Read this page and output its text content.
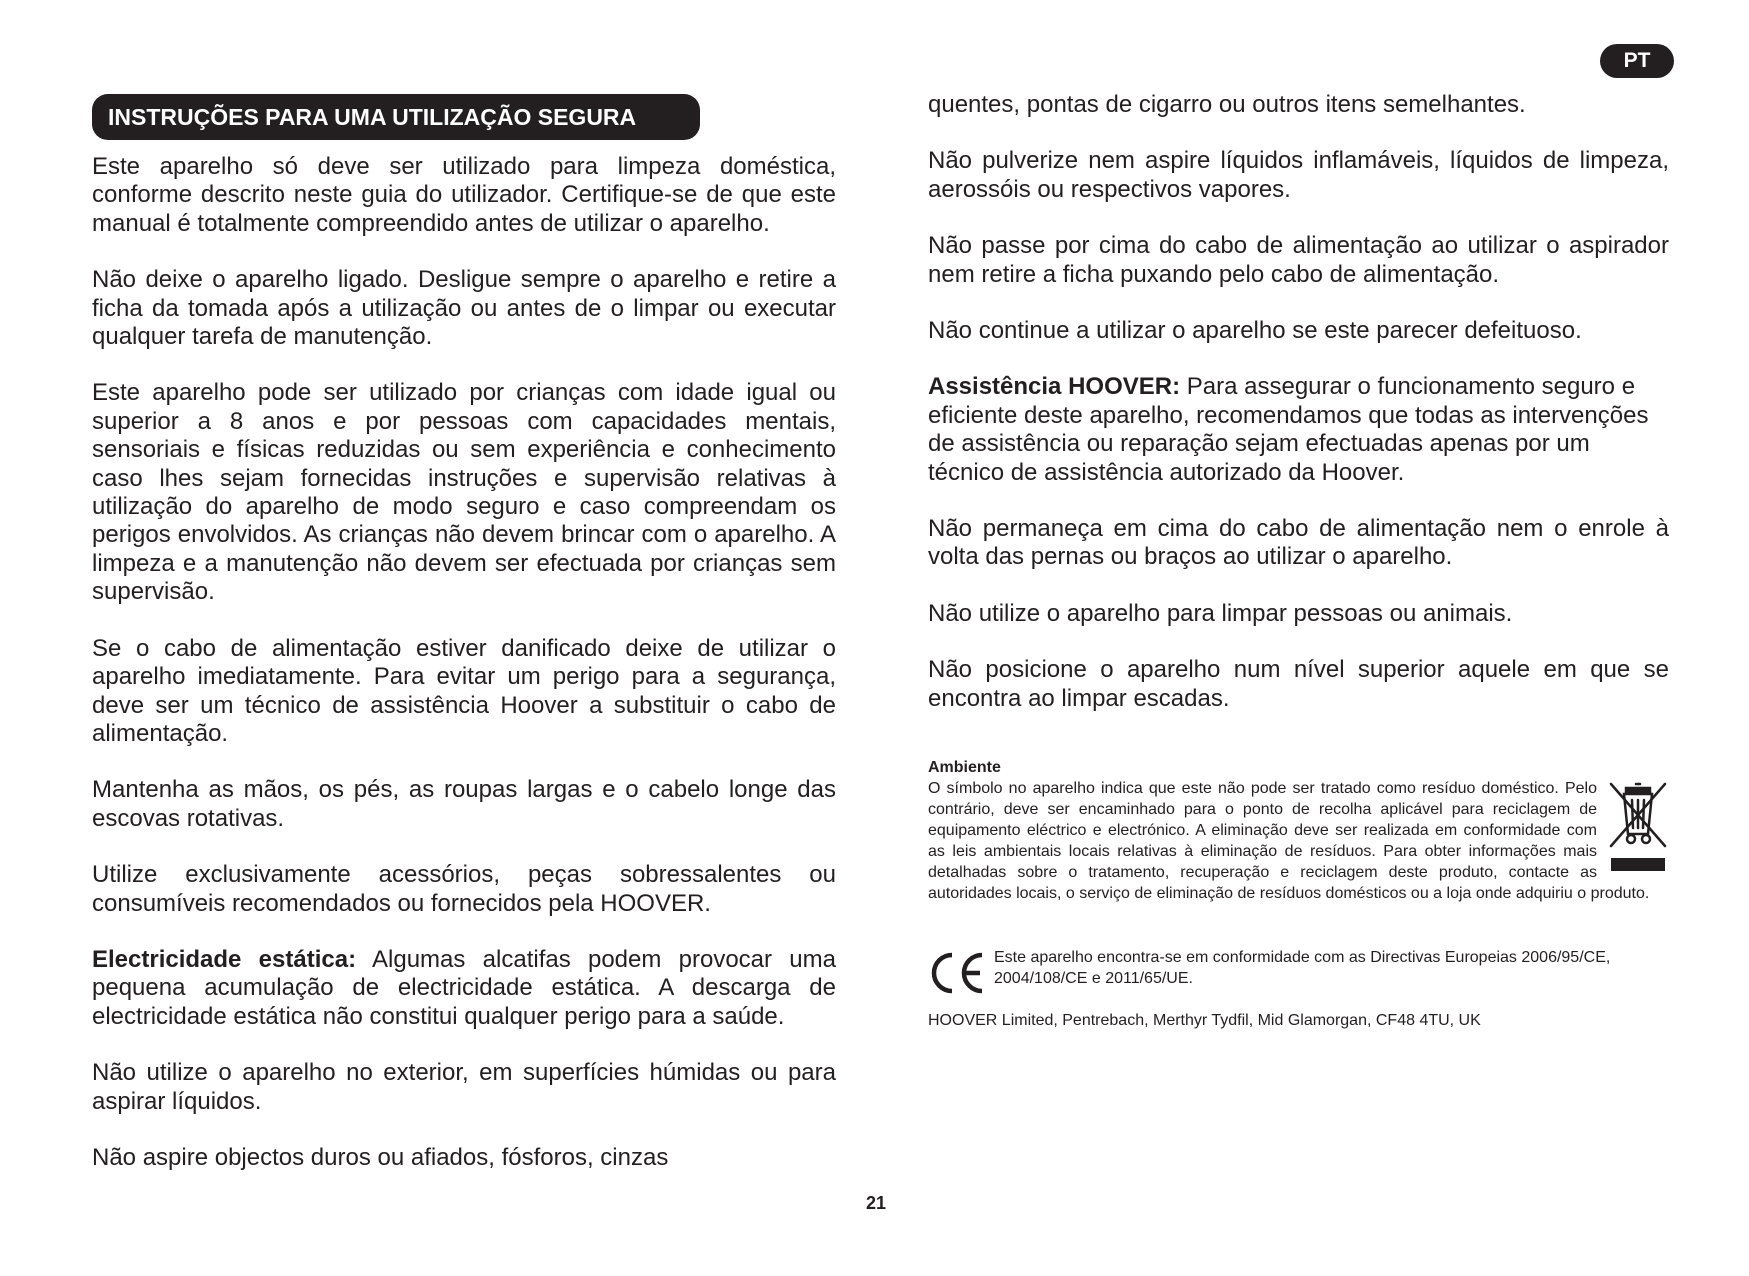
PT
INSTRUÇÕES PARA UMA UTILIZAÇÃO SEGURA

Este aparelho só deve ser utilizado para limpeza doméstica, conforme descrito neste guia do utilizador. Certifique-se de que este manual é totalmente compreendido antes de utilizar o aparelho.

Não deixe o aparelho ligado. Desligue sempre o aparelho e retire a ficha da tomada após a utilização ou antes de o limpar ou executar qualquer tarefa de manutenção.

Este aparelho pode ser utilizado por crianças com idade igual ou superior a 8 anos e por pessoas com capacidades mentais, sensoriais e físicas reduzidas ou sem experiência e conhecimento caso lhes sejam fornecidas instruções e supervisão relativas à utilização do aparelho de modo seguro e caso compreendam os perigos envolvidos. As crianças não devem brincar com o aparelho. A limpeza e a manutenção não devem ser efectuada por crianças sem supervisão.

Se o cabo de alimentação estiver danificado deixe de utilizar o aparelho imediatamente. Para evitar um perigo para a segurança, deve ser um técnico de assistência Hoover a substituir o cabo de alimentação.

Mantenha as mãos, os pés, as roupas largas e o cabelo longe das escovas rotativas.

Utilize exclusivamente acessórios, peças sobressalentes ou consumíveis recomendados ou fornecidos pela HOOVER.

Electricidade estática: Algumas alcatifas podem provocar uma pequena acumulação de electricidade estática. A descarga de electricidade estática não constitui qualquer perigo para a saúde.

Não utilize o aparelho no exterior, em superfícies húmidas ou para aspirar líquidos.

Não aspire objectos duros ou afiados, fósforos, cinzas

quentes, pontas de cigarro ou outros itens semelhantes.

Não pulverize nem aspire líquidos inflamáveis, líquidos de limpeza, aerossóis ou respectivos vapores.

Não passe por cima do cabo de alimentação ao utilizar o aspirador nem retire a ficha puxando pelo cabo de alimentação.

Não continue a utilizar o aparelho se este parecer defeituoso.

Assistência HOOVER: Para assegurar o funcionamento seguro e eficiente deste aparelho, recomendamos que todas as intervenções de assistência ou reparação sejam efectuadas apenas por um técnico de assistência autorizado da Hoover.

Não permaneça em cima do cabo de alimentação nem o enrole à volta das pernas ou braços ao utilizar o aparelho.

Não utilize o aparelho para limpar pessoas ou animais.

Não posicione o aparelho num nível superior aquele em que se encontra ao limpar escadas.

Ambiente
O símbolo no aparelho indica que este não pode ser tratado como resíduo doméstico. Pelo contrário, deve ser encaminhado para o ponto de recolha aplicável para reciclagem de equipamento eléctrico e electrónico. A eliminação deve ser realizada em conformidade com as leis ambientais locais relativas à eliminação de resíduos. Para obter informações mais detalhadas sobre o tratamento, recuperação e reciclagem deste produto, contacte as autoridades locais, o serviço de eliminação de resíduos domésticos ou a loja onde adquiriu o produto.
Este aparelho encontra-se em conformidade com as Directivas Europeias 2006/95/CE, 2004/108/CE e 2011/65/UE.
HOOVER Limited, Pentrebach, Merthyr Tydfil, Mid Glamorgan, CF48 4TU, UK
21
